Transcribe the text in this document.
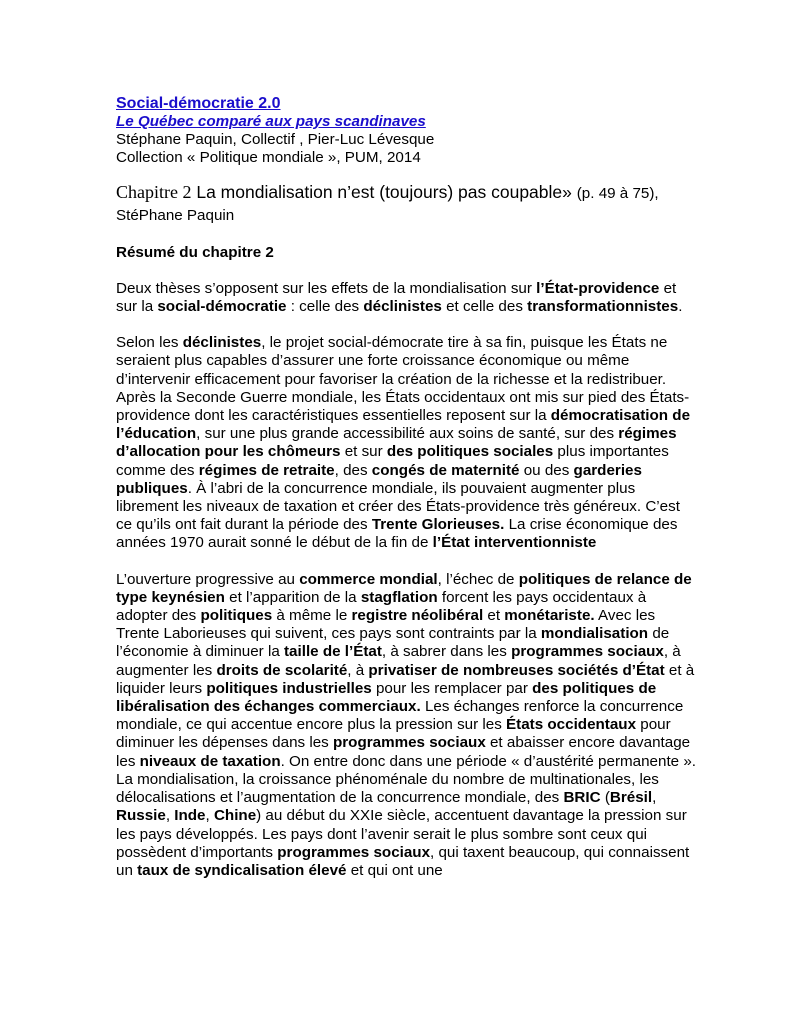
Social-démocratie 2.0
Le Québec comparé aux pays scandinaves
Stéphane Paquin, Collectif , Pier-Luc Lévesque
Collection « Politique mondiale », PUM, 2014
Chapitre 2 La mondialisation n’est (toujours) pas coupable» (p. 49 à 75), StéPhane Paquin
Résumé du chapitre 2

Deux thèses s’opposent sur les effets de la mondialisation sur l’État-providence et sur la social-démocratie : celle des déclinistes et celle des transformationnistes.

Selon les déclinistes, le projet social-démocrate tire à sa fin, puisque les États ne seraient plus capables d’assurer une forte croissance économique ou même d’intervenir efficacement pour favoriser la création de la richesse et la redistribuer. Après la Seconde Guerre mondiale, les États occidentaux ont mis sur pied des États-providence dont les caractéristiques essentielles reposent sur la démocratisation de l’éducation, sur une plus grande accessibilité aux soins de santé, sur des régimes d’allocation pour les chômeurs et sur des politiques sociales plus importantes comme des régimes de retraite, des congés de maternité ou des garderies publiques. À l’abri de la concurrence mondiale, ils pouvaient augmenter plus librement les niveaux de taxation et créer des États-providence très généreux. C’est ce qu’ils ont fait durant la période des Trente Glorieuses. La crise économique des années 1970 aurait sonné le début de la fin de l’État interventionniste

L’ouverture progressive au commerce mondial, l’échec de politiques de relance de type keynésien et l’apparition de la stagflation forcent les pays occidentaux à adopter des politiques à même le registre néolibéral et monétariste. Avec les Trente Laborieuses qui suivent, ces pays sont contraints par la mondialisation de l’économie à diminuer la taille de l’État, à sabrer dans les programmes sociaux, à augmenter les droits de scolarité, à privatiser de nombreuses sociétés d’État et à liquider leurs politiques industrielles pour les remplacer par des politiques de libéralisation des échanges commerciaux. Les échanges renforce la concurrence mondiale, ce qui accentue encore plus la pression sur les États occidentaux pour diminuer les dépenses dans les programmes sociaux et abaisser encore davantage les niveaux de taxation. On entre donc dans une période « d’austérité permanente ». La mondialisation, la croissance phénoménale du nombre de multinationales, les délocalisations et l’augmentation de la concurrence mondiale, des BRIC (Brésil, Russie, Inde, Chine) au début du XXIe siècle, accentuent davantage la pression sur les pays développés. Les pays dont l’avenir serait le plus sombre sont ceux qui possèdent d’importants programmes sociaux, qui taxent beaucoup, qui connaissent un taux de syndicalisation élevé et qui ont une
